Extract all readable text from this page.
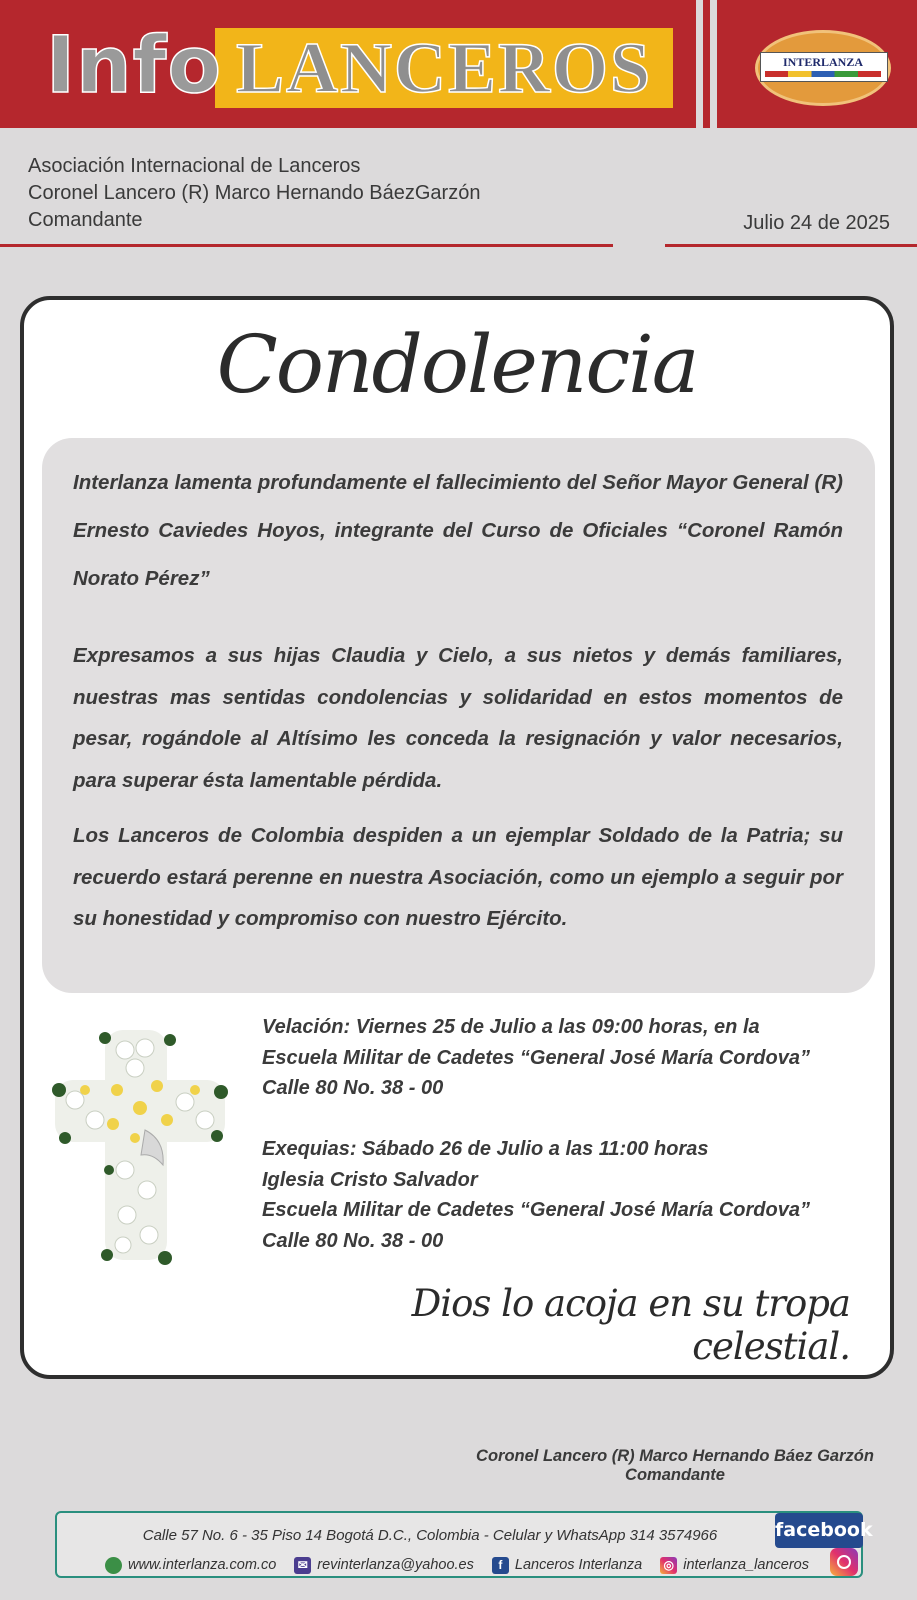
Info LANCEROS	INTERLANZA
Asociación Internacional de Lanceros
Coronel Lancero (R) Marco Hernando BáezGarzón
Comandante	Julio 24 de 2025
Condolencia
Interlanza lamenta profundamente el fallecimiento del Señor Mayor General (R) Ernesto Caviedes Hoyos, integrante del Curso de Oficiales “Coronel Ramón Norato Pérez”
Expresamos a sus hijas Claudia y Cielo, a sus nietos y demás familiares, nuestras mas sentidas condolencias y solidaridad en estos momentos de pesar, rogándole al Altísimo les conceda la resignación y valor necesarios, para superar ésta lamentable pérdida.
Los Lanceros de Colombia despiden a un ejemplar Soldado de la Patria; su recuerdo estará perenne en nuestra Asociación, como un ejemplo a seguir por su honestidad y compromiso con nuestro Ejército.
Velación: Viernes 25 de Julio a las 09:00 horas, en la
Escuela Militar de Cadetes “General José María Cordova”
Calle 80 No. 38 - 00
Exequias: Sábado 26 de Julio a las 11:00 horas
Iglesia Cristo Salvador
Escuela Militar de Cadetes “General José María Cordova”
Calle 80 No. 38 - 00
Dios lo acoja en su tropa celestial.
Coronel Lancero (R) Marco Hernando Báez Garzón
Comandante
Calle 57 No. 6 - 35 Piso 14 Bogotá D.C., Colombia - Celular y WhatsApp 314 3574966	facebook
www.interlanza.com.co ✉ revinterlanza@yahoo.es	f Lanceros Interlanza ◎ interlanza_lanceros
